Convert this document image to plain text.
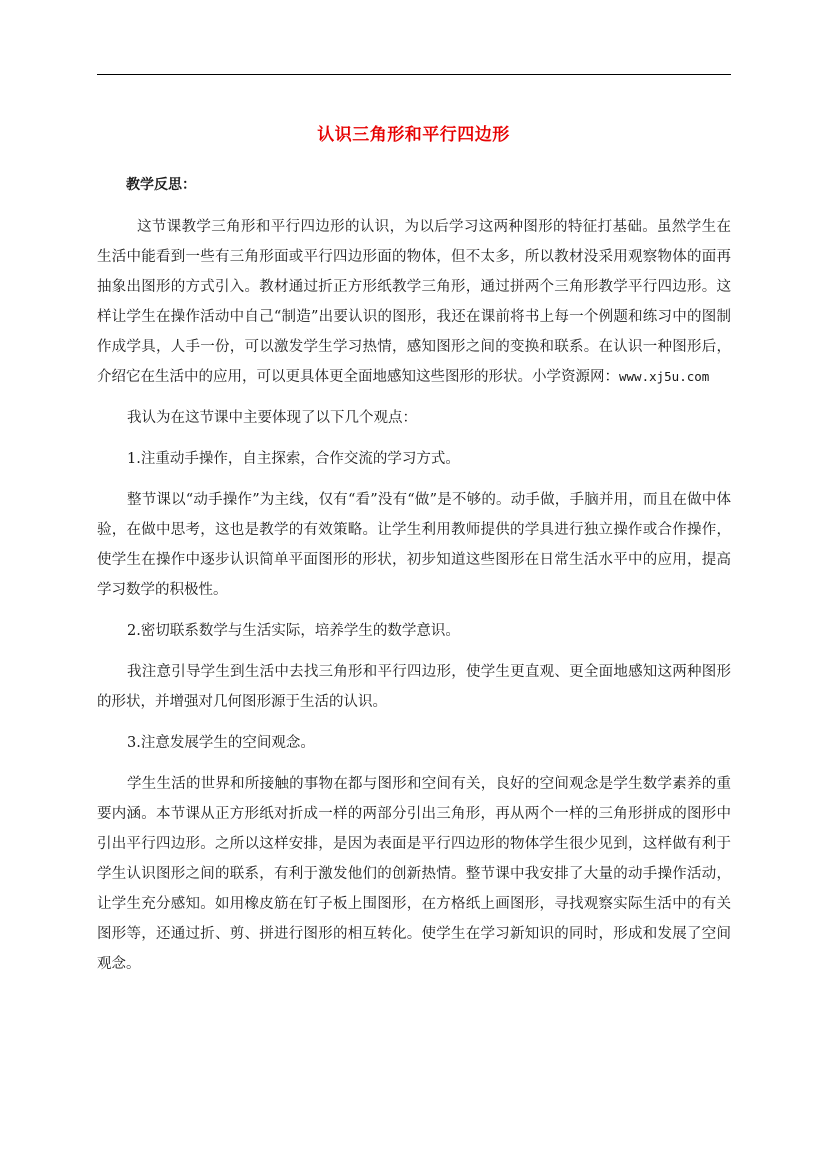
认识三角形和平行四边形
教学反思：

这节课教学三角形和平行四边形的认识，为以后学习这两种图形的特征打基础。虽然学生在生活中能看到一些有三角形面或平行四边形面的物体，但不太多，所以教材没采用观察物体的面再抽象出图形的方式引入。教材通过折正方形纸教学三角形，通过拼两个三角形教学平行四边形。这样让学生在操作活动中自己“制造”出要认识的图形，我还在课前将书上每一个例题和练习中的图制作成学具，人手一份，可以激发学生学习热情，感知图形之间的变换和联系。在认识一种图形后，介绍它在生活中的应用，可以更具体更全面地感知这些图形的形状。小学资源网：www.xj5u.com

我认为在这节课中主要体现了以下几个观点：

1.注重动手操作，自主探索，合作交流的学习方式。

整节课以“动手操作”为主线，仅有“看”没有“做”是不够的。动手做，手脑并用，而且在做中体验，在做中思考，这也是教学的有效策略。让学生利用教师提供的学具进行独立操作或合作操作，使学生在操作中逐步认识简单平面图形的形状，初步知道这些图形在日常生活水平中的应用，提高学习数学的积极性。

2.密切联系数学与生活实际，培养学生的数学意识。

我注意引导学生到生活中去找三角形和平行四边形，使学生更直观、更全面地感知这两种图形的形状，并增强对几何图形源于生活的认识。

3.注意发展学生的空间观念。

学生生活的世界和所接触的事物在都与图形和空间有关，良好的空间观念是学生数学素养的重要内涵。本节课从正方形纸对折成一样的两部分引出三角形，再从两个一样的三角形拼成的图形中引出平行四边形。之所以这样安排，是因为表面是平行四边形的物体学生很少见到，这样做有利于学生认识图形之间的联系，有利于激发他们的创新热情。整节课中我安排了大量的动手操作活动，让学生充分感知。如用橡皮筋在钉子板上围图形，在方格纸上画图形，寻找观察实际生活中的有关图形等，还通过折、剪、拼进行图形的相互转化。使学生在学习新知识的同时，形成和发展了空间观念。
